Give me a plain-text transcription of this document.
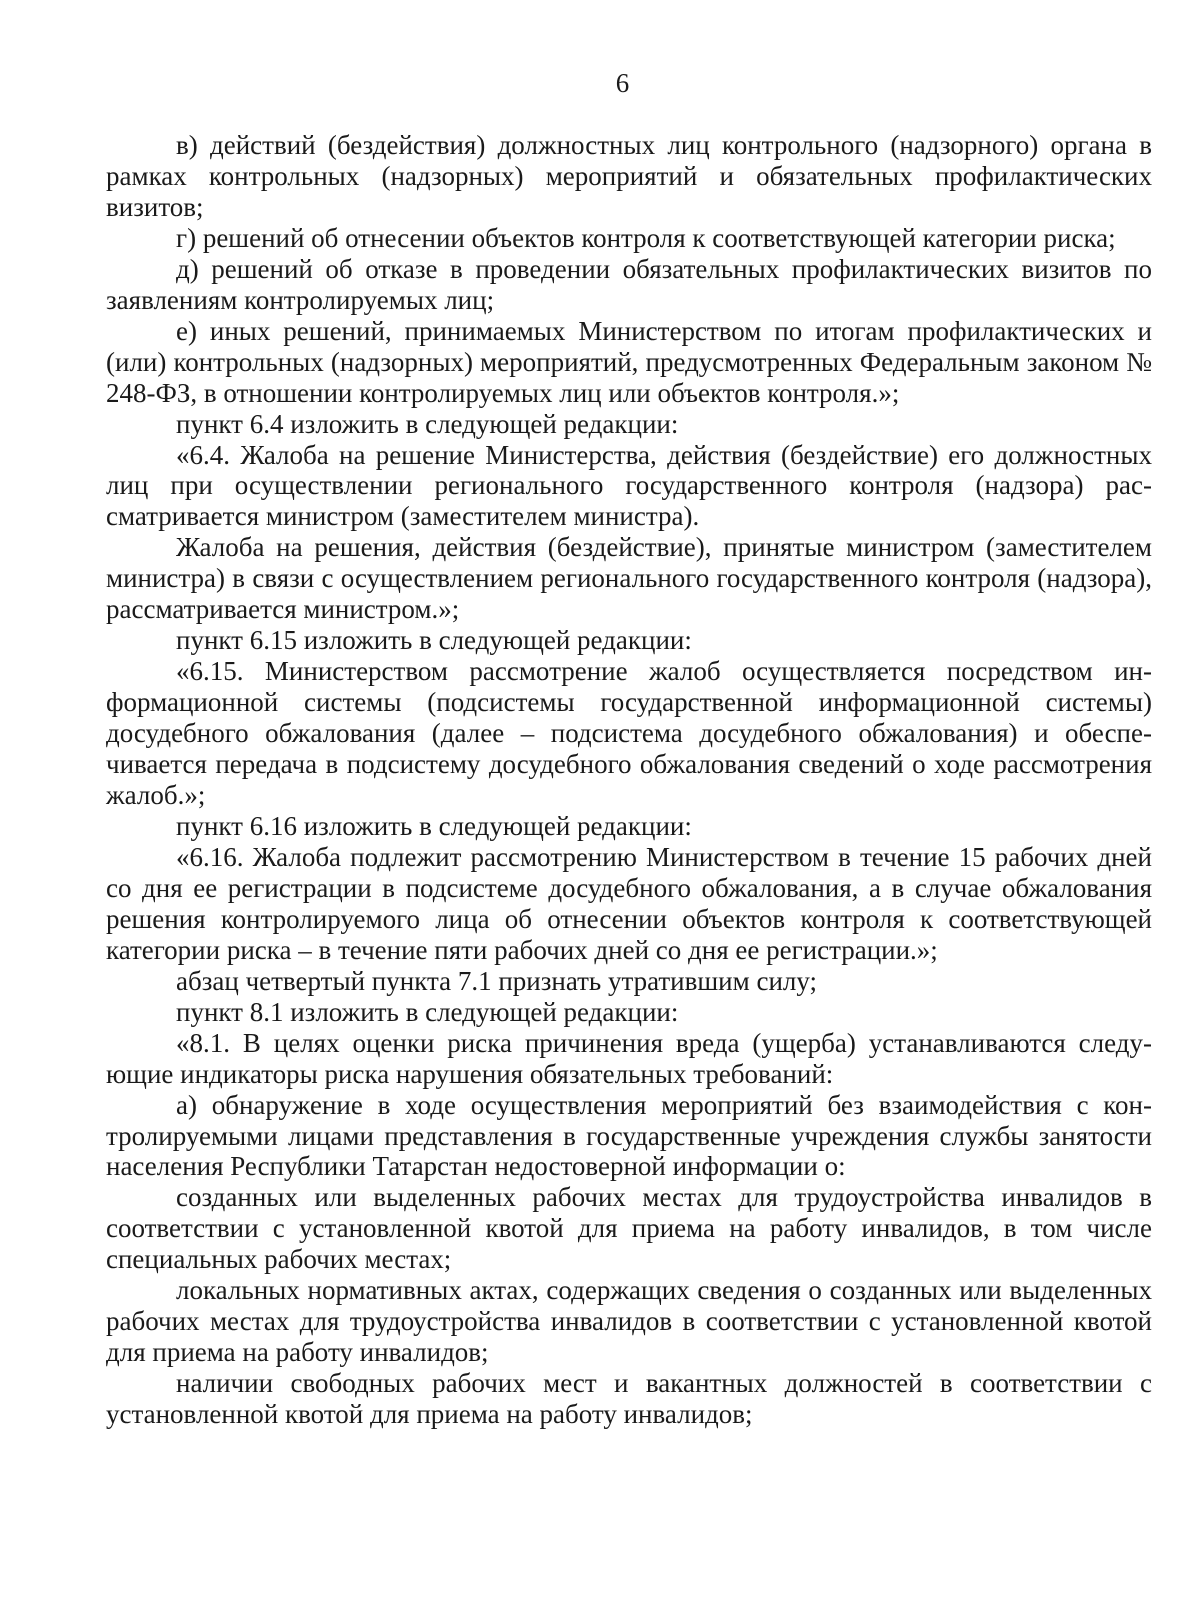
6

в) действий (бездействия) должностных лиц контрольного (надзорного) органа в рамках контрольных (надзорных) мероприятий и обязательных профилактических визитов;

г) решений об отнесении объектов контроля к соответствующей категории риска;

д) решений об отказе в проведении обязательных профилактических визитов по заявлениям контролируемых лиц;

е) иных решений, принимаемых Министерством по итогам профилактических и (или) контрольных (надзорных) мероприятий, предусмотренных Федеральным законом № 248-ФЗ, в отношении контролируемых лиц или объектов контроля.»;

пункт 6.4 изложить в следующей редакции:

«6.4. Жалоба на решение Министерства, действия (бездействие) его должностных лиц при осуществлении регионального государственного контроля (надзора) рассматривается министром (заместителем министра).

Жалоба на решения, действия (бездействие), принятые министром (заместителем министра) в связи с осуществлением регионального государственного контроля (надзора), рассматривается министром.»;

пункт 6.15 изложить в следующей редакции:

«6.15. Министерством рассмотрение жалоб осуществляется посредством информационной системы (подсистемы государственной информационной системы) досудебного обжалования (далее – подсистема досудебного обжалования) и обеспечивается передача в подсистему досудебного обжалования сведений о ходе рассмотрения жалоб.»;

пункт 6.16 изложить в следующей редакции:

«6.16. Жалоба подлежит рассмотрению Министерством в течение 15 рабочих дней со дня ее регистрации в подсистеме досудебного обжалования, а в случае обжалования решения контролируемого лица об отнесении объектов контроля к соответствующей категории риска – в течение пяти рабочих дней со дня ее регистрации.»;

абзац четвертый пункта 7.1 признать утратившим силу;

пункт 8.1 изложить в следующей редакции:

«8.1. В целях оценки риска причинения вреда (ущерба) устанавливаются следующие индикаторы риска нарушения обязательных требований:

а) обнаружение в ходе осуществления мероприятий без взаимодействия с контролируемыми лицами представления в государственные учреждения службы занятости населения Республики Татарстан недостоверной информации о:

созданных или выделенных рабочих местах для трудоустройства инвалидов в соответствии с установленной квотой для приема на работу инвалидов, в том числе специальных рабочих местах;

локальных нормативных актах, содержащих сведения о созданных или выделенных рабочих местах для трудоустройства инвалидов в соответствии с установленной квотой для приема на работу инвалидов;

наличии свободных рабочих мест и вакантных должностей в соответствии с установленной квотой для приема на работу инвалидов;
